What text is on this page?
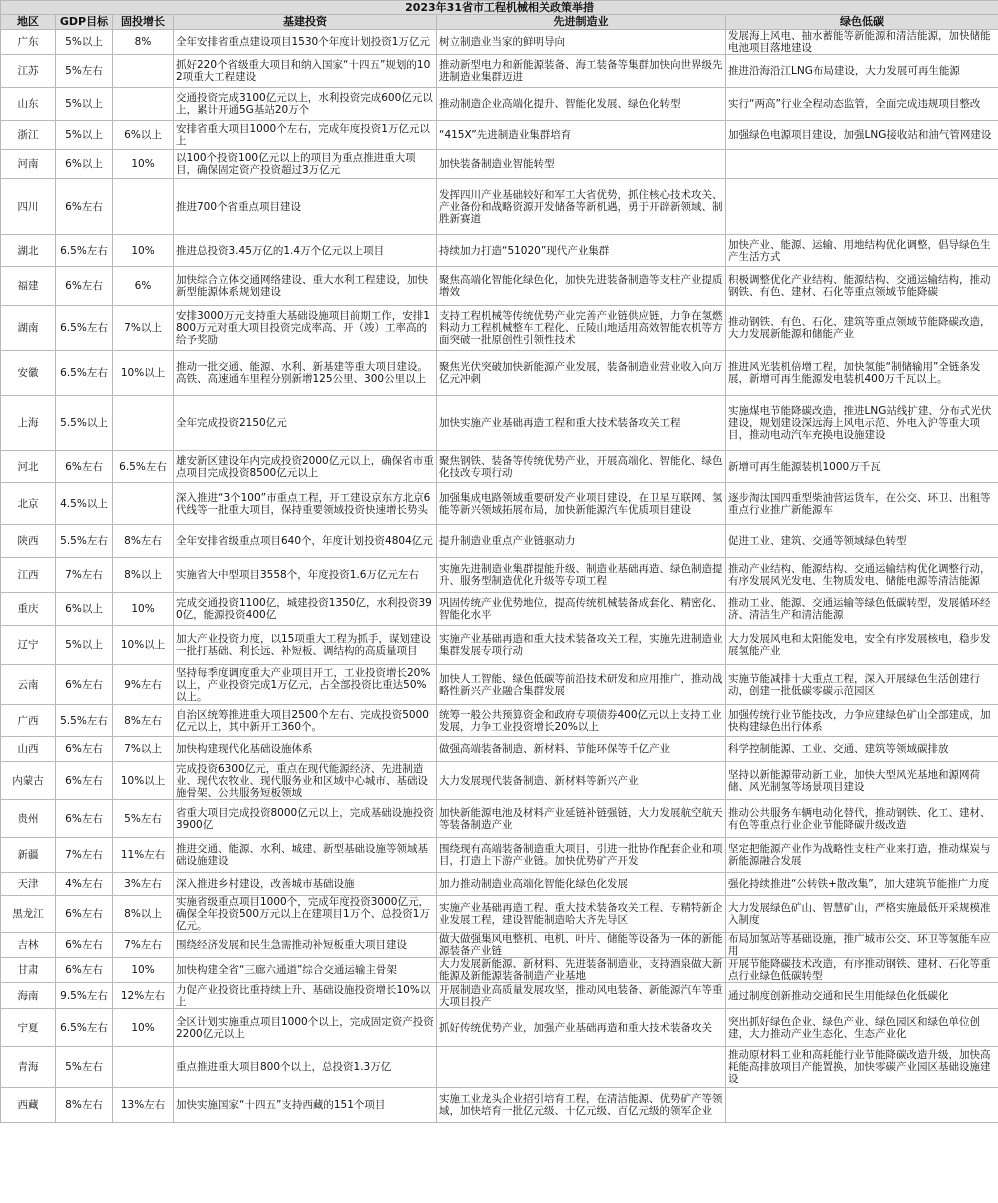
2023年31省市工程机械相关政策举措					
地区	GDP目标	固投增长	基建投资	先进制造业	绿色低碳
广东	5%以上	8%	全年安排省重点建设项目1530个年度计划投资1万亿元	树立制造业当家的鲜明导向	发展海上风电、抽水蓄能等新能源和清洁能源，加快储能电池项目落地建设
江苏	5%左右		抓好220个省级重大项目和纳入国家“十四五”规划的102项重大工程建设	推动新型电力和新能源装备、海工装备等集群加快向世界级先进制造业集群迈进	推进沿海沿江LNG布局建设，大力发展可再生能源
山东	5%以上		交通投资完成3100亿元以上，水利投资完成600亿元以上，累计开通5G基站20万个	推动制造企业高端化提升、智能化发展、绿色化转型	实行“两高”行业全程动态监管，全面完成违规项目整改
浙江	5%以上	6%以上	安排省重大项目1000个左右，完成年度投资1万亿元以上	“415X”先进制造业集群培育	加强绿色电源项目建设，加强LNG接收站和油气管网建设
河南	6%以上	10%	以100个投资100亿元以上的项目为重点推进重大项目，确保固定资产投资超过3万亿元	加快装备制造业智能转型	
四川	6%左右		推进700个省重点项目建设	发挥四川产业基础较好和军工大省优势，抓住核心技术攻关、产业备份和战略资源开发储备等新机遇，勇于开辟新领域、制胜新赛道	
湖北	6.5%左右	10%	推进总投资3.45万亿的1.4万个亿元以上项目	持续加力打造“51020”现代产业集群	加快产业、能源、运输、用地结构优化调整，倡导绿色生产生活方式
福建	6%左右	6%	加快综合立体交通网络建设、重大水利工程建设，加快新型能源体系规划建设	聚焦高端化智能化绿色化，加快先进装备制造等支柱产业提质增效	积极调整优化产业结构、能源结构、交通运输结构，推动钢铁、有色、建材、石化等重点领域节能降碳
湖南	6.5%左右	7%以上	安排3000万元支持重大基础设施项目前期工作，安排1800万元对重大项目投资完成率高、开（竣）工率高的给予奖励	支持工程机械等传统优势产业完善产业链供应链，力争在氢燃料动力工程机械整车工程化、丘陵山地适用高效智能农机等方面突破一批原创性引领性技术	推动钢铁、有色、石化、建筑等重点领域节能降碳改造，大力发展新能源和储能产业
安徽	6.5%左右	10%以上	推动一批交通、能源、水利、新基建等重大项目建设。高铁、高速通车里程分别新增125公里、300公里以上	聚焦光伏突破加快新能源产业发展，装备制造业营业收入向万亿元冲刺	推进风光装机倍增工程，加快氢能“制储输用”全链条发展，新增可再生能源发电装机400万千瓦以上。
上海	5.5%以上		全年完成投资2150亿元	加快实施产业基础再造工程和重大技术装备攻关工程	实施煤电节能降碳改造，推进LNG站线扩建、分布式光伏建设，规划建设深远海上风电示范、外电入沪等重大项目，推动电动汽车充换电设施建设
河北	6%左右	6.5%左右	雄安新区建设年内完成投资2000亿元以上，确保省市重点项目完成投资8500亿元以上	聚焦钢铁、装备等传统优势产业，开展高端化、智能化、绿色化技改专项行动	新增可再生能源装机1000万千瓦
北京	4.5%以上		深入推进“3个100”市重点工程，开工建设京东方北京6代线等一批重大项目，保持重要领域投资快速增长势头	加强集成电路领域重要研发产业项目建设，在卫星互联网、氢能等新兴领域拓展布局，加快新能源汽车优质项目建设	逐步淘汰国四重型柴油营运货车，在公交、环卫、出租等重点行业推广新能源车
陕西	5.5%左右	8%左右	全年安排省级重点项目640个，年度计划投资4804亿元	提升制造业重点产业链驱动力	促进工业、建筑、交通等领域绿色转型
江西	7%左右	8%以上	实施省大中型项目3558个，年度投资1.6万亿元左右	实施先进制造业集群提能升级、制造业基础再造、绿色制造提升、服务型制造优化升级等专项工程	推动产业结构、能源结构、交通运输结构优化调整行动，有序发展风光发电、生物质发电、储能电源等清洁能源
重庆	6%以上	10%	完成交通投资1100亿，城建投资1350亿，水利投资390亿，能源投资400亿	巩固传统产业优势地位，提高传统机械装备成套化、精密化、智能化水平	推动工业、能源、交通运输等绿色低碳转型，发展循环经济、清洁生产和清洁能源
辽宁	5%以上	10%以上	加大产业投资力度，以15项重大工程为抓手，谋划建设一批打基础、利长远、补短板、调结构的高质量项目	实施产业基础再造和重大技术装备攻关工程，实施先进制造业集群发展专项行动	大力发展风电和太阳能发电，安全有序发展核电，稳步发展氢能产业
云南	6%左右	9%左右	坚持每季度调度重大产业项目开工，工业投资增长20%以上，产业投资完成1万亿元，占全部投资比重达50%以上。	加快人工智能、绿色低碳等前沿技术研发和应用推广，推动战略性新兴产业融合集群发展	实施节能减排十大重点工程，深入开展绿色生活创建行动，创建一批低碳零碳示范园区
广西	5.5%左右	8%左右	自治区统筹推进重大项目2500个左右、完成投资5000亿元以上，其中新开工360个。	统筹一般公共预算资金和政府专项债券400亿元以上支持工业发展，力争工业投资增长20%以上	加强传统行业节能技改，力争应建绿色矿山全部建成，加快构建绿色出行体系
山西	6%左右	7%以上	加快构建现代化基础设施体系	做强高端装备制造、新材料、节能环保等千亿产业	科学控制能源、工业、交通、建筑等领域碳排放
内蒙古	6%左右	10%以上	完成投资6300亿元，重点在现代能源经济、先进制造业、现代农牧业、现代服务业和区域中心城市、基础设施骨架、公共服务短板领域	大力发展现代装备制造、新材料等新兴产业	坚持以新能源带动新工业，加快大型风光基地和源网荷储、风光制氢等场景项目建设
贵州	6%左右	5%左右	省重大项目完成投资8000亿元以上，完成基础设施投资3900亿	加快新能源电池及材料产业延链补链强链，大力发展航空航天等装备制造产业	推动公共服务车辆电动化替代，推动钢铁、化工、建材、有色等重点行业企业节能降碳升级改造
新疆	7%左右	11%左右	推进交通、能源、水利、城建、新型基础设施等领域基础设施建设	围绕现有高端装备制造重大项目，引进一批协作配套企业和项目，打造上下游产业链。加快优势矿产开发	坚定把能源产业作为战略性支柱产业来打造，推动煤炭与新能源融合发展
天津	4%左右	3%左右	深入推进乡村建设，改善城市基础设施	加力推动制造业高端化智能化绿色化发展	强化持续推进“公转铁+散改集”，加大建筑节能推广力度
黑龙江	6%左右	8%以上	实施省级重点项目1000个，完成年度投资3000亿元，确保全年投资500万元以上在建项目1万个、总投资1万亿元。	实施产业基础再造工程、重大技术装备攻关工程、专精特新企业发展工程，建设智能制造哈大齐先导区	大力发展绿色矿山、智慧矿山，严格实施最低开采规模准入制度
吉林	6%左右	7%左右	围绕经济发展和民生急需推动补短板重大项目建设	做大做强集风电整机、电机、叶片、储能等设备为一体的新能源装备产业链	布局加氢站等基础设施，推广城市公交、环卫等氢能车应用
甘肃	6%左右	10%	加快构建全省“三廊六通道”综合交通运输主骨架	大力发展新能源、新材料、先进装备制造业，支持酒泉做大新能源及新能源装备制造产业基地	开展节能降碳技术改造，有序推动钢铁、建材、石化等重点行业绿色低碳转型
海南	9.5%左右	12%左右	力促产业投资比重持续上升、基础设施投资增长10%以上	开展制造业高质量发展攻坚，推动风电装备、新能源汽车等重大项目投产	通过制度创新推动交通和民生用能绿色化低碳化
宁夏	6.5%左右	10%	全区计划实施重点项目1000个以上，完成固定资产投资2200亿元以上	抓好传统优势产业，加强产业基础再造和重大技术装备攻关	突出抓好绿色企业、绿色产业、绿色园区和绿色单位创建，大力推动产业生态化、生态产业化
青海	5%左右		重点推进重大项目800个以上，总投资1.3万亿		推动原材料工业和高耗能行业节能降碳改造升级，加快高耗能高排放项目产能置换，加快零碳产业园区基础设施建设
西藏	8%左右	13%左右	加快实施国家“十四五”支持西藏的151个项目	实施工业龙头企业招引培育工程，在清洁能源、优势矿产等领域，加快培育一批亿元级、十亿元级、百亿元级的领军企业	
